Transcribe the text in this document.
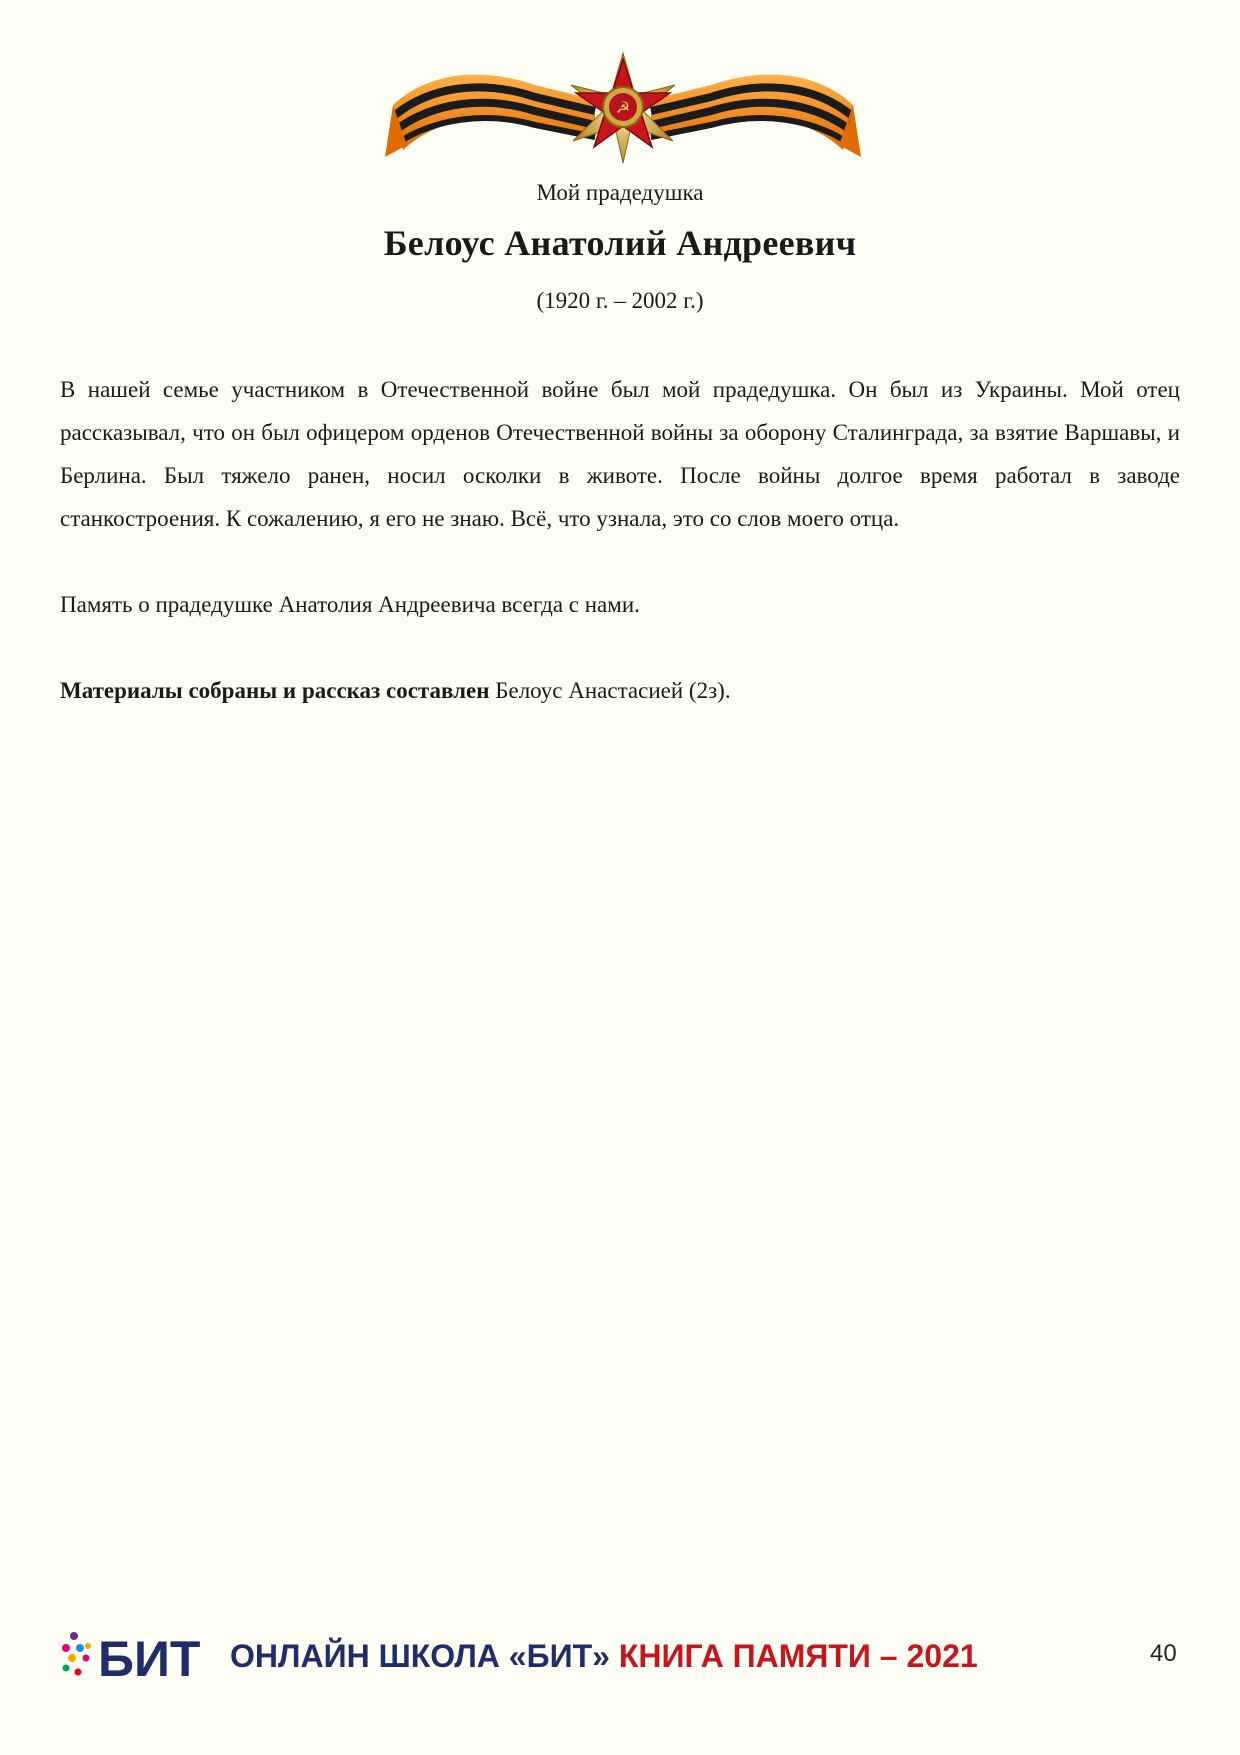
☭
Мой прадедушка
Белоус Анатолий Андреевич
(1920 г. – 2002 г.)

В нашей семье участником в Отечественной войне был мой прадедушка. Он был из Украины. Мой отец рассказывал, что он был офицером орденов Отечественной войны за оборону Сталинграда, за взятие Варшавы, и Берлина. Был тяжело ранен, носил осколки в животе. После войны долгое время работал в заводе станкостроения. К сожалению, я его не знаю. Всё, что узнала, это со слов моего отца.

Память о прадедушке Анатолия Андреевича всегда с нами.

Материалы собраны и рассказ составлен Белоус Анастасией (2з).

БИТ ОНЛАЙН ШКОЛА «БИТ» КНИГА ПАМЯТИ – 2021	40
